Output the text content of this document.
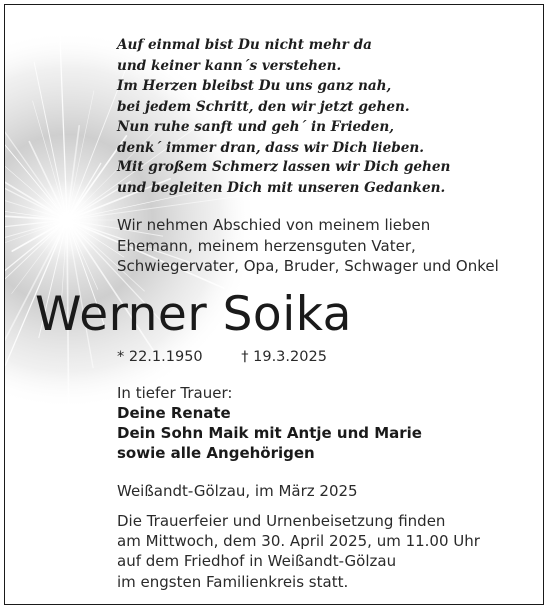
Auf einmal bist Du nicht mehr da
und keiner kann´s verstehen.
Im Herzen bleibst Du uns ganz nah,
bei jedem Schritt, den wir jetzt gehen.
Nun ruhe sanft und geh´ in Frieden,
denk´ immer dran, dass wir Dich lieben.
Mit großem Schmerz lassen wir Dich gehen
und begleiten Dich mit unseren Gedanken.
Wir nehmen Abschied von meinem lieben
Ehemann, meinem herzensguten Vater,
Schwiegervater, Opa, Bruder, Schwager und Onkel
Werner Soika
* 22.1.1950	† 19.3.2025
In tiefer Trauer:
Deine Renate
Dein Sohn Maik mit Antje und Marie
sowie alle Angehörigen
Weißandt-Gölzau, im März 2025
Die Trauerfeier und Urnenbeisetzung finden
am Mittwoch, dem 30. April 2025, um 11.00 Uhr
auf dem Friedhof in Weißandt-Gölzau
im engsten Familienkreis statt.
